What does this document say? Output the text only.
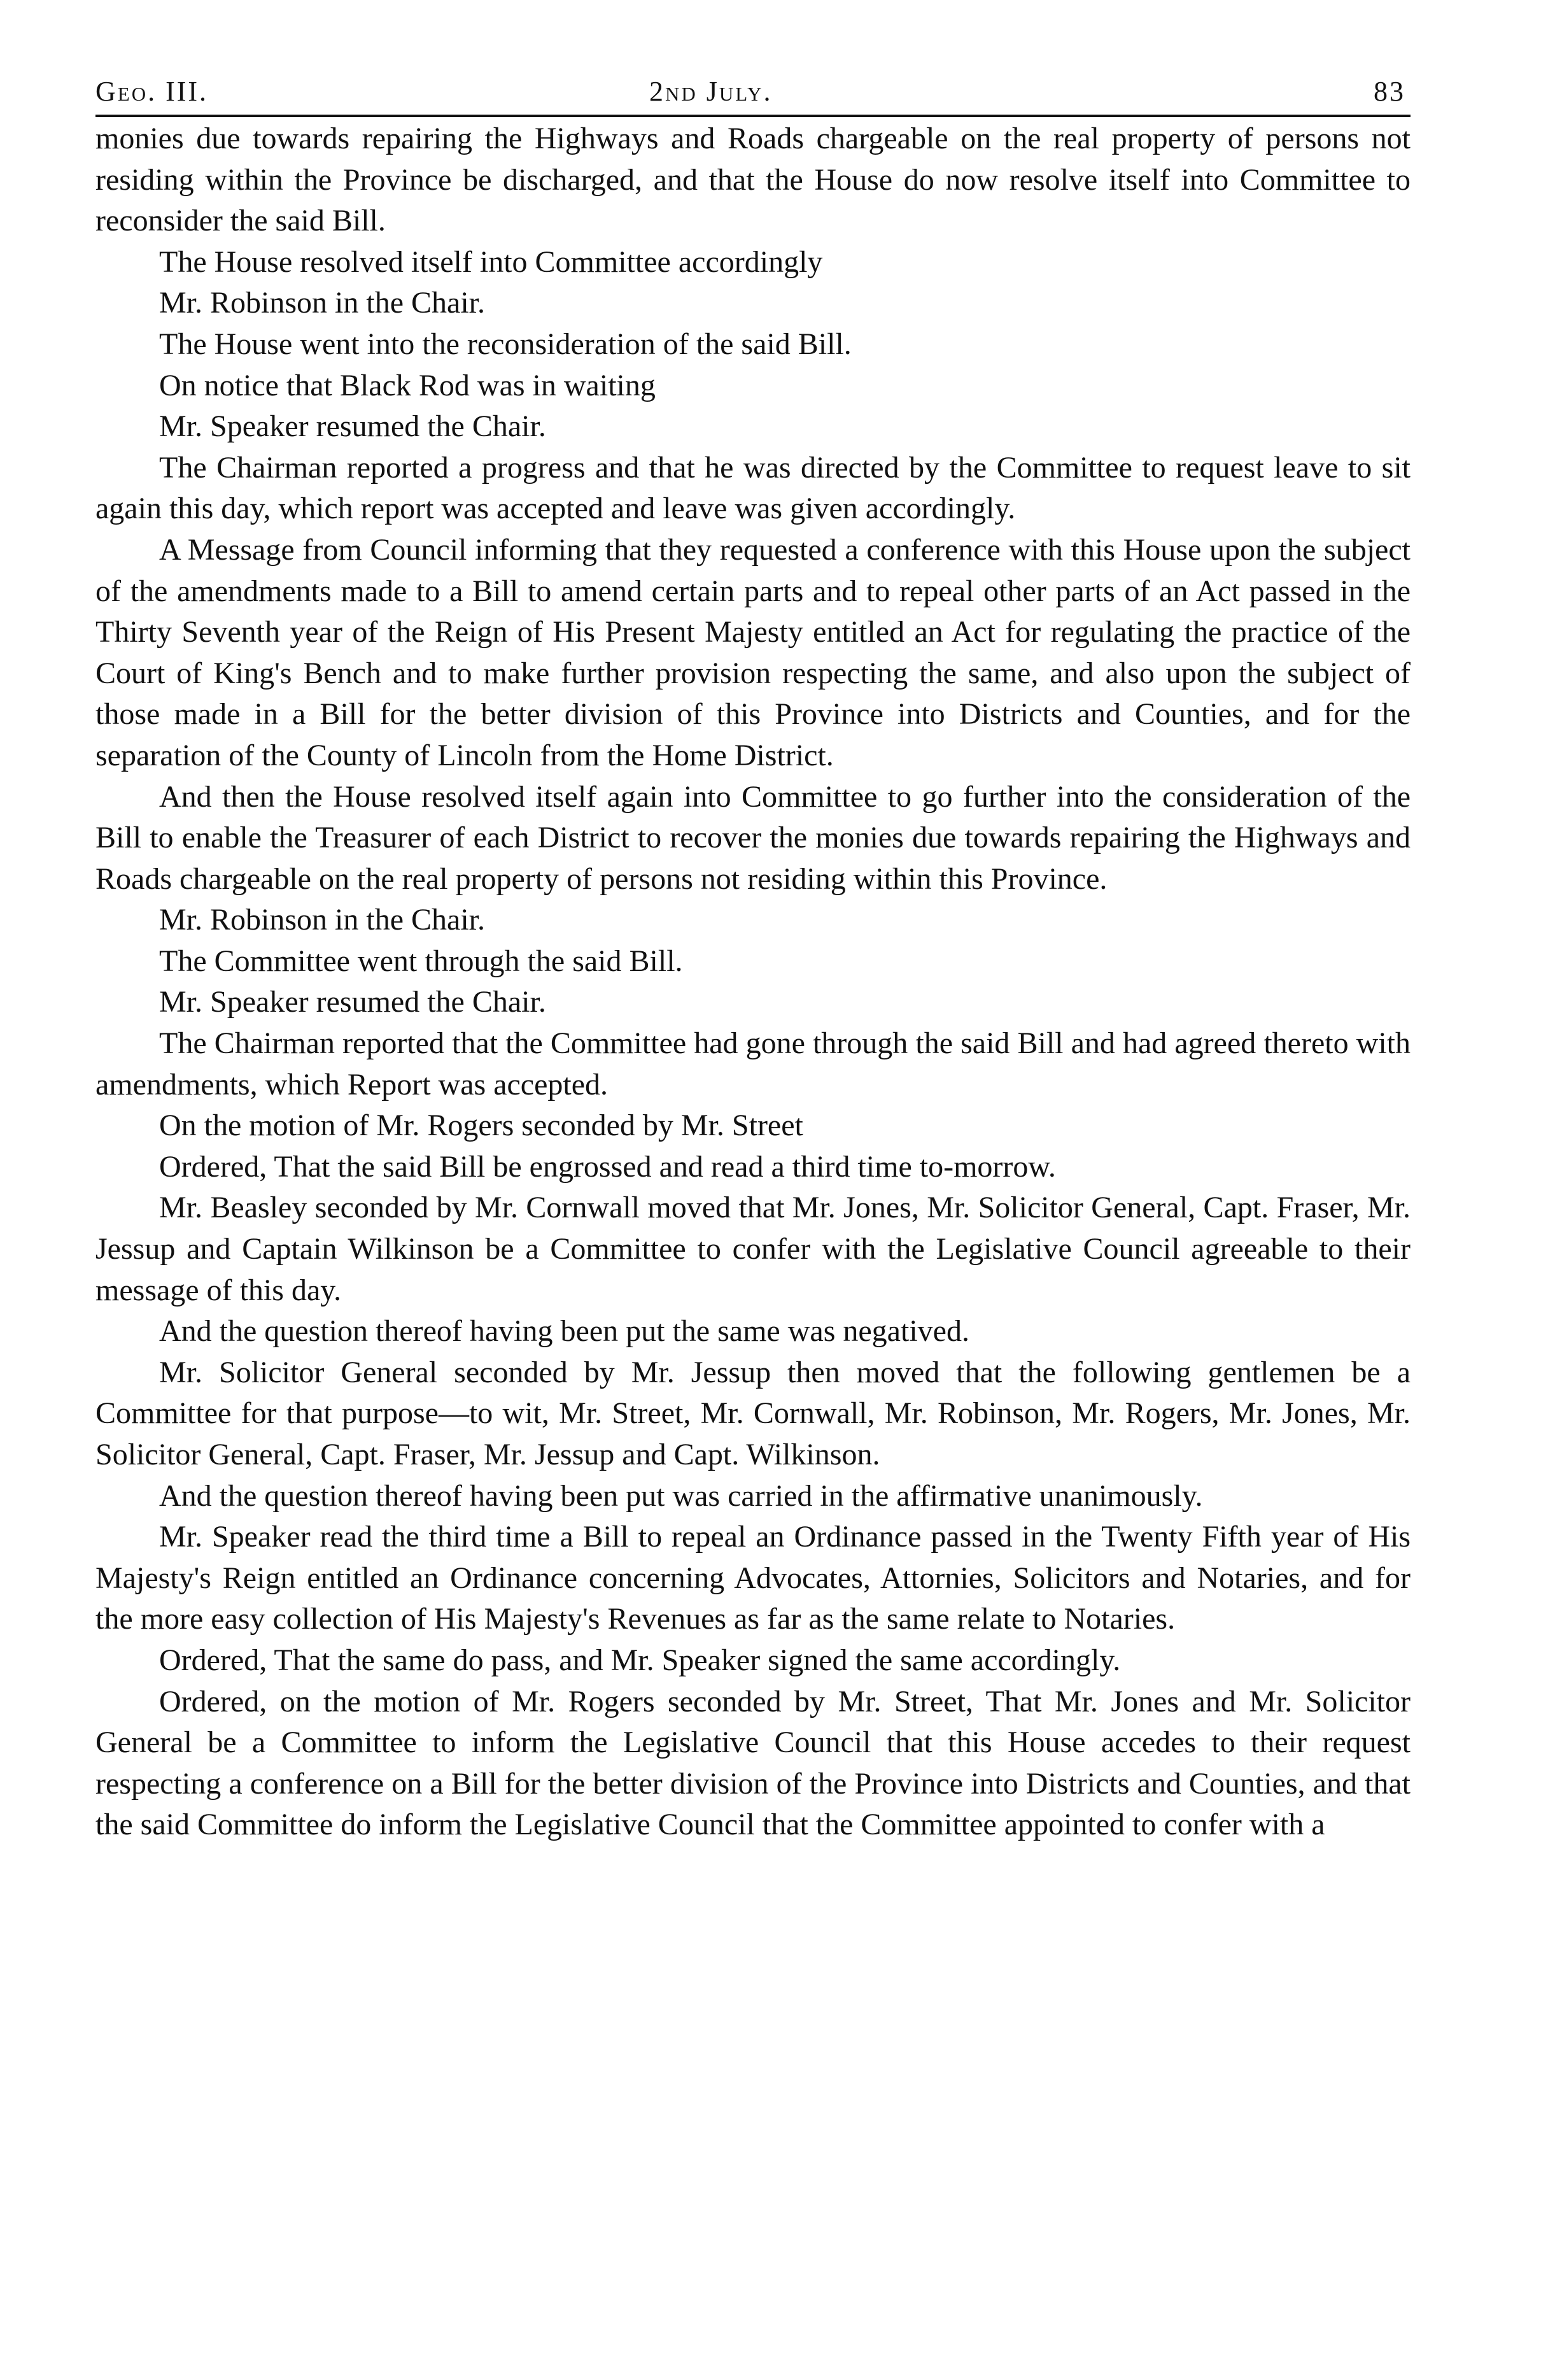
Geo. III.	2nd July.	83

monies due towards repairing the Highways and Roads chargeable on the real property of persons not residing within the Province be discharged, and that the House do now resolve itself into Committee to reconsider the said Bill.

The House resolved itself into Committee accordingly

Mr. Robinson in the Chair.

The House went into the reconsideration of the said Bill.

On notice that Black Rod was in waiting

Mr. Speaker resumed the Chair.

The Chairman reported a progress and that he was directed by the Committee to request leave to sit again this day, which report was accepted and leave was given accordingly.

A Message from Council informing that they requested a conference with this House upon the subject of the amendments made to a Bill to amend certain parts and to repeal other parts of an Act passed in the Thirty Seventh year of the Reign of His Present Majesty entitled an Act for regulating the practice of the Court of King's Bench and to make further provision respecting the same, and also upon the subject of those made in a Bill for the better division of this Province into Districts and Counties, and for the separation of the County of Lincoln from the Home District.

And then the House resolved itself again into Committee to go further into the consideration of the Bill to enable the Treasurer of each District to recover the monies due towards repairing the Highways and Roads chargeable on the real property of persons not residing within this Province.

Mr. Robinson in the Chair.

The Committee went through the said Bill.

Mr. Speaker resumed the Chair.

The Chairman reported that the Committee had gone through the said Bill and had agreed thereto with amendments, which Report was accepted.

On the motion of Mr. Rogers seconded by Mr. Street

Ordered, That the said Bill be engrossed and read a third time to-morrow.

Mr. Beasley seconded by Mr. Cornwall moved that Mr. Jones, Mr. Solicitor General, Capt. Fraser, Mr. Jessup and Captain Wilkinson be a Committee to confer with the Legislative Council agreeable to their message of this day.

And the question thereof having been put the same was negatived.

Mr. Solicitor General seconded by Mr. Jessup then moved that the following gentlemen be a Committee for that purpose—to wit, Mr. Street, Mr. Cornwall, Mr. Robinson, Mr. Rogers, Mr. Jones, Mr. Solicitor General, Capt. Fraser, Mr. Jessup and Capt. Wilkinson.

And the question thereof having been put was carried in the affirmative unanimously.

Mr. Speaker read the third time a Bill to repeal an Ordinance passed in the Twenty Fifth year of His Majesty's Reign entitled an Ordinance concerning Advocates, Attornies, Solicitors and Notaries, and for the more easy collection of His Majesty's Revenues as far as the same relate to Notaries.

Ordered, That the same do pass, and Mr. Speaker signed the same accordingly.

Ordered, on the motion of Mr. Rogers seconded by Mr. Street, That Mr. Jones and Mr. Solicitor General be a Committee to inform the Legislative Council that this House accedes to their request respecting a conference on a Bill for the better division of the Province into Districts and Counties, and that the said Committee do inform the Legislative Council that the Committee appointed to confer with a
